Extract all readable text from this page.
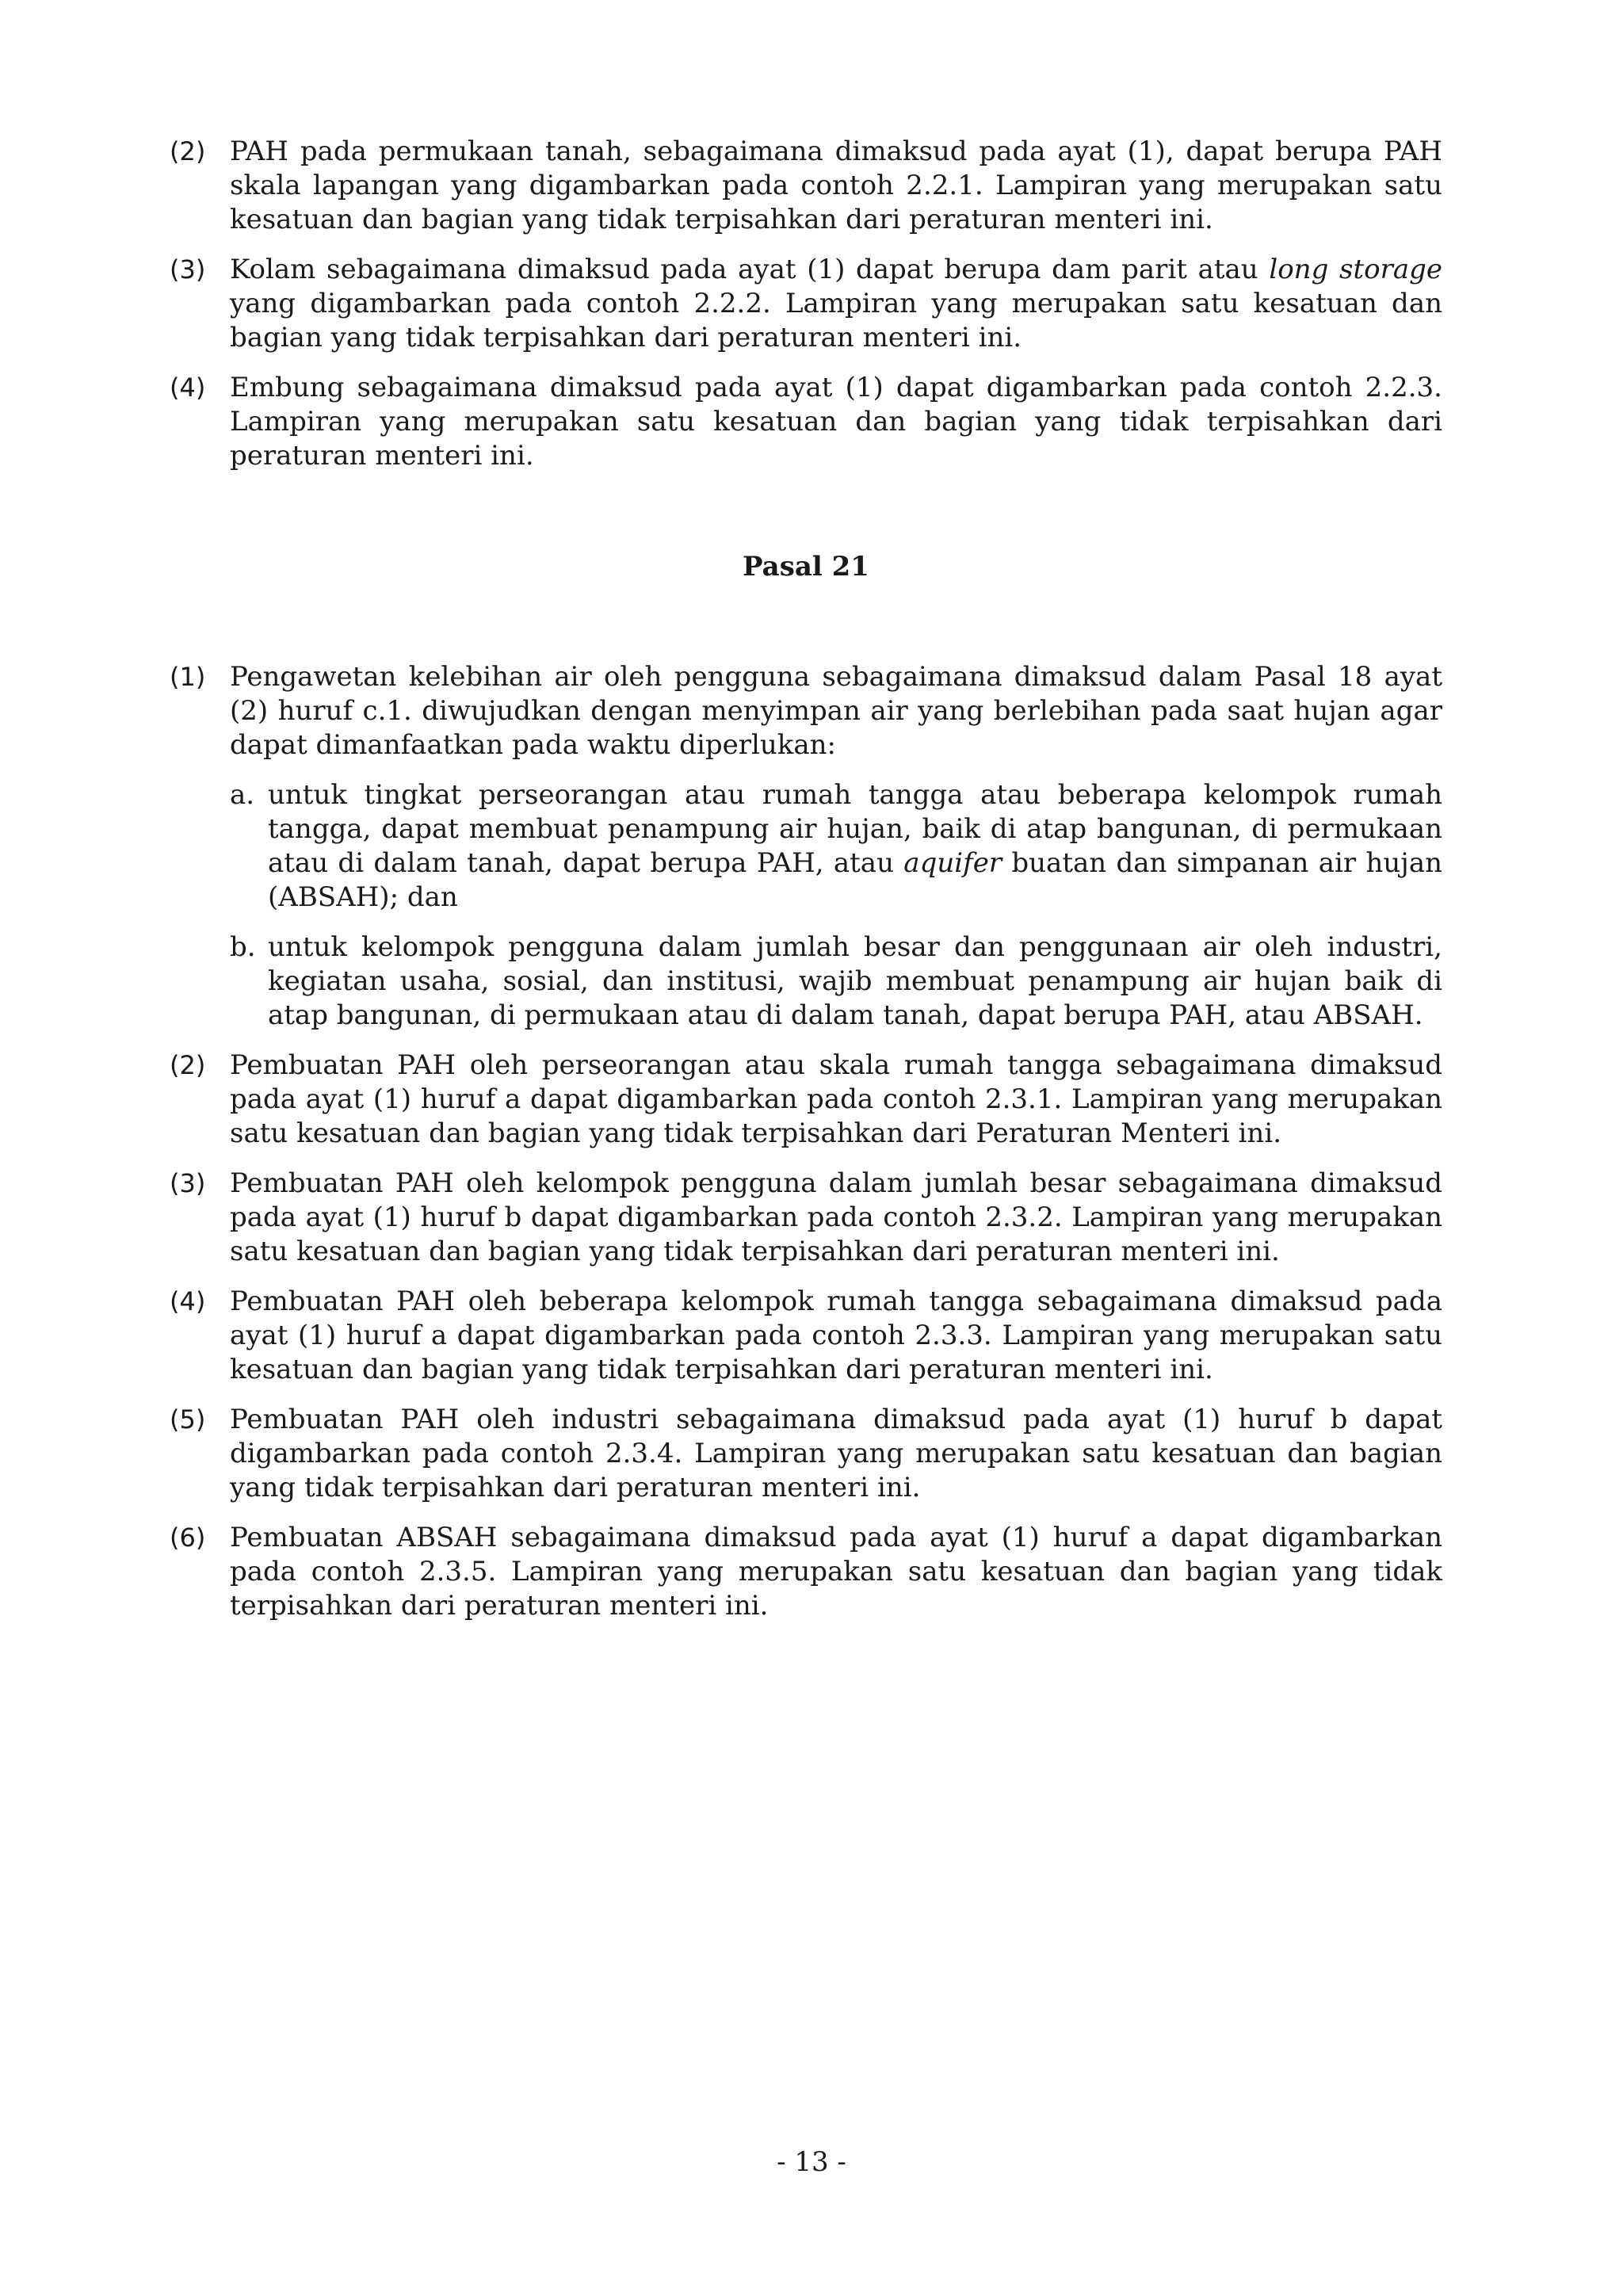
(2) PAH pada permukaan tanah, sebagaimana dimaksud pada ayat (1), dapat berupa PAH skala lapangan yang digambarkan pada contoh 2.2.1. Lampiran yang merupakan satu kesatuan dan bagian yang tidak terpisahkan dari peraturan menteri ini.
(3) Kolam sebagaimana dimaksud pada ayat (1) dapat berupa dam parit atau long storage yang digambarkan pada contoh 2.2.2. Lampiran yang merupakan satu kesatuan dan bagian yang tidak terpisahkan dari peraturan menteri ini.
(4) Embung sebagaimana dimaksud pada ayat (1) dapat digambarkan pada contoh 2.2.3. Lampiran yang merupakan satu kesatuan dan bagian yang tidak terpisahkan dari peraturan menteri ini.
Pasal 21
(1) Pengawetan kelebihan air oleh pengguna sebagaimana dimaksud dalam Pasal 18 ayat (2) huruf c.1. diwujudkan dengan menyimpan air yang berlebihan pada saat hujan agar dapat dimanfaatkan pada waktu diperlukan:
a. untuk tingkat perseorangan atau rumah tangga atau beberapa kelompok rumah tangga, dapat membuat penampung air hujan, baik di atap bangunan, di permukaan atau di dalam tanah, dapat berupa PAH, atau aquifer buatan dan simpanan air hujan (ABSAH); dan
b. untuk kelompok pengguna dalam jumlah besar dan penggunaan air oleh industri, kegiatan usaha, sosial, dan institusi, wajib membuat penampung air hujan baik di atap bangunan, di permukaan atau di dalam tanah, dapat berupa PAH, atau ABSAH.
(2) Pembuatan PAH oleh perseorangan atau skala rumah tangga sebagaimana dimaksud pada ayat (1) huruf a dapat digambarkan pada contoh 2.3.1. Lampiran yang merupakan satu kesatuan dan bagian yang tidak terpisahkan dari Peraturan Menteri ini.
(3) Pembuatan PAH oleh kelompok pengguna dalam jumlah besar sebagaimana dimaksud pada ayat (1) huruf b dapat digambarkan pada contoh 2.3.2. Lampiran yang merupakan satu kesatuan dan bagian yang tidak terpisahkan dari peraturan menteri ini.
(4) Pembuatan PAH oleh beberapa kelompok rumah tangga sebagaimana dimaksud pada ayat (1) huruf a dapat digambarkan pada contoh 2.3.3. Lampiran yang merupakan satu kesatuan dan bagian yang tidak terpisahkan dari peraturan menteri ini.
(5) Pembuatan PAH oleh industri sebagaimana dimaksud pada ayat (1) huruf b dapat digambarkan pada contoh 2.3.4. Lampiran yang merupakan satu kesatuan dan bagian yang tidak terpisahkan dari peraturan menteri ini.
(6) Pembuatan ABSAH sebagaimana dimaksud pada ayat (1) huruf a dapat digambarkan pada contoh 2.3.5. Lampiran yang merupakan satu kesatuan dan bagian yang tidak terpisahkan dari peraturan menteri ini.
- 13 -
